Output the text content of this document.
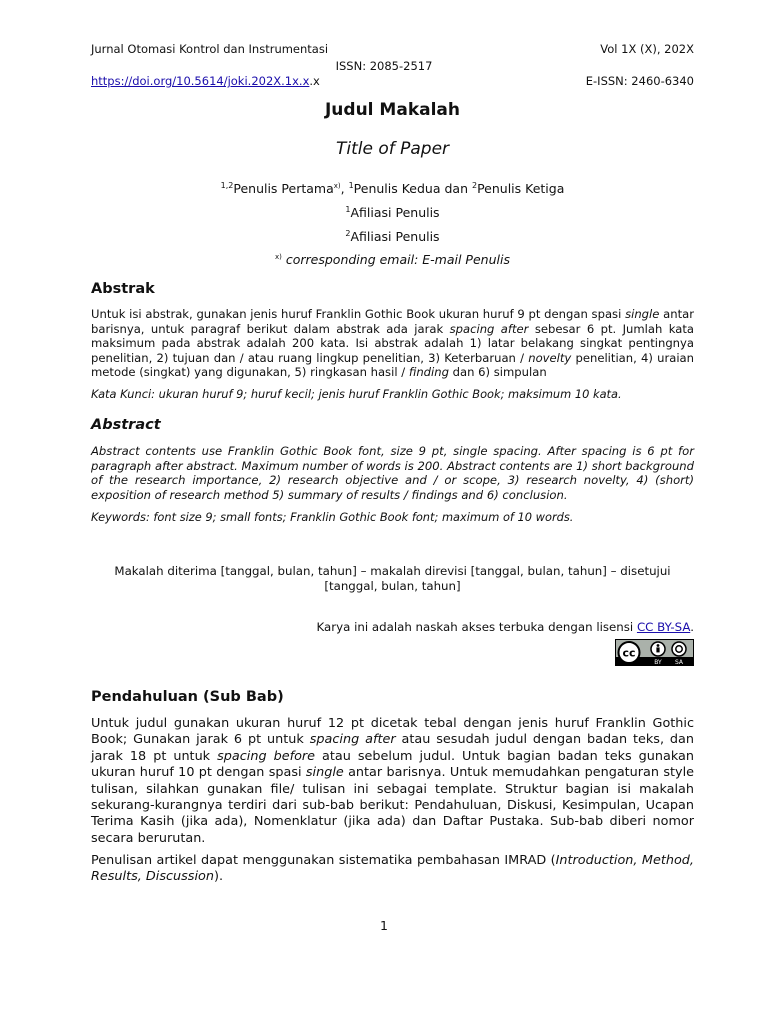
Jurnal Otomasi Kontrol dan Instrumentasi	Vol 1X (X), 202X
ISSN: 2085-2517
https://doi.org/10.5614/joki.202X.1x.x.x	E-ISSN: 2460-6340
Judul Makalah
Title of Paper
$^{1,2}$Penulis Pertama$^{x)}$, $^1$Penulis Kedua dan $^2$Penulis Ketiga
$^1$Afiliasi Penulis
$^2$Afiliasi Penulis
$^{x)}$ corresponding email: E-mail Penulis
Abstrak
Untuk isi abstrak, gunakan jenis huruf Franklin Gothic Book ukuran huruf 9 pt dengan spasi single antar barisnya, untuk paragraf berikut dalam abstrak ada jarak spacing after sebesar 6 pt. Jumlah kata maksimum pada abstrak adalah 200 kata. Isi abstrak adalah 1) latar belakang singkat pentingnya penelitian, 2) tujuan dan / atau ruang lingkup penelitian, 3) Keterbaruan / novelty penelitian, 4) uraian metode (singkat) yang digunakan, 5) ringkasan hasil / finding dan 6) simpulan
Kata Kunci: ukuran huruf 9; huruf kecil; jenis huruf Franklin Gothic Book; maksimum 10 kata.
Abstract
Abstract contents use Franklin Gothic Book font, size 9 pt, single spacing. After spacing is 6 pt for paragraph after abstract. Maximum number of words is 200. Abstract contents are 1) short background of the research importance, 2) research objective and / or scope, 3) research novelty, 4) (short) exposition of research method 5) summary of results / findings and 6) conclusion.
Keywords: font size 9; small fonts; Franklin Gothic Book font; maximum of 10 words.
Makalah diterima [tanggal, bulan, tahun] – makalah direvisi [tanggal, bulan, tahun] – disetujui [tanggal, bulan, tahun]
Karya ini adalah naskah akses terbuka dengan lisensi CC BY-SA.
cc
BY SA
Pendahuluan (Sub Bab)
Untuk judul gunakan ukuran huruf 12 pt dicetak tebal dengan jenis huruf Franklin Gothic Book; Gunakan jarak 6 pt untuk spacing after atau sesudah judul dengan badan teks, dan jarak 18 pt untuk spacing before atau sebelum judul. Untuk bagian badan teks gunakan ukuran huruf 10 pt dengan spasi single antar barisnya. Untuk memudahkan pengaturan style tulisan, silahkan gunakan file/ tulisan ini sebagai template. Struktur bagian isi makalah sekurang-kurangnya terdiri dari sub-bab berikut: Pendahuluan, Diskusi, Kesimpulan, Ucapan Terima Kasih (jika ada), Nomenklatur (jika ada) dan Daftar Pustaka. Sub-bab diberi nomor secara berurutan.
Penulisan artikel dapat menggunakan sistematika pembahasan IMRAD (Introduction, Method, Results, Discussion).
1
